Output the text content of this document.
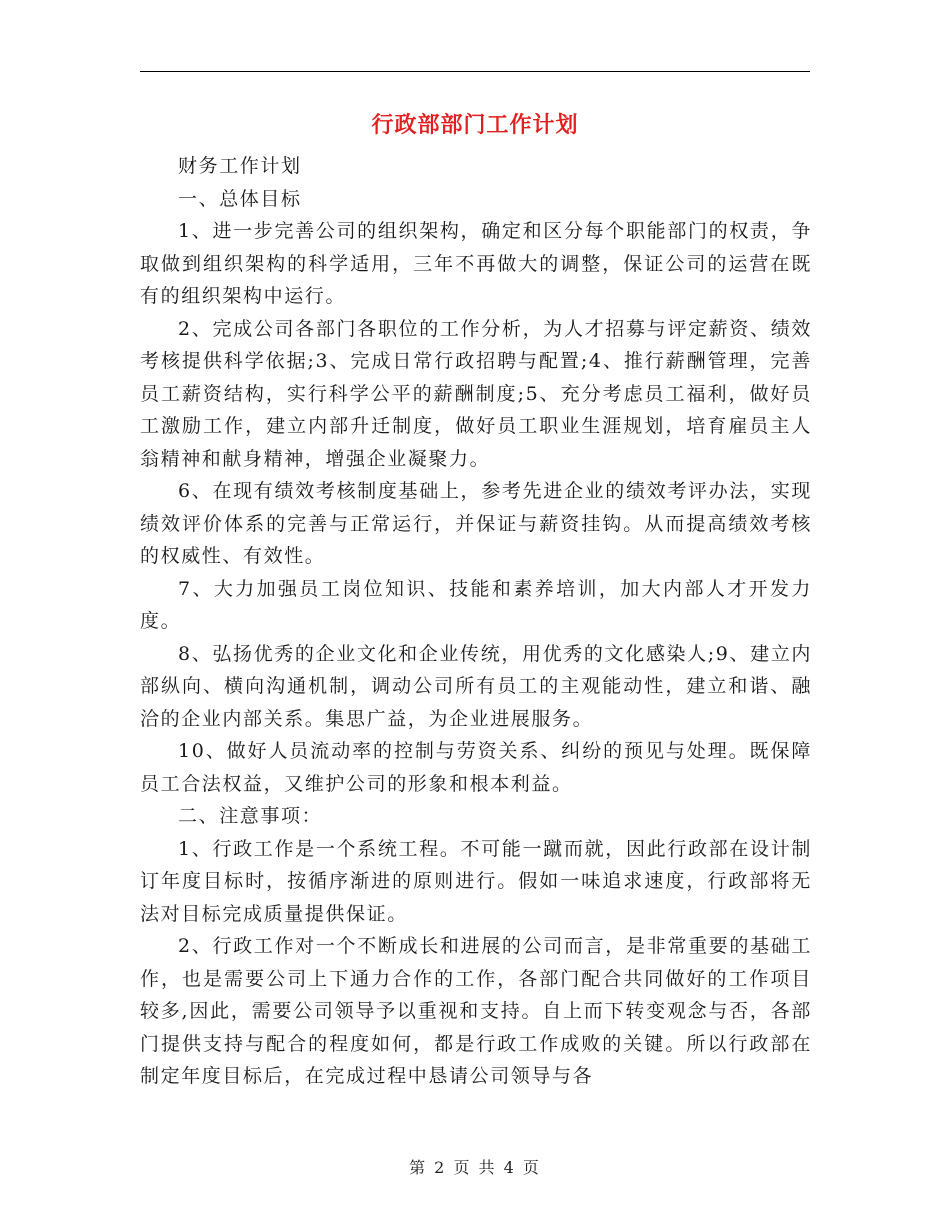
行政部部门工作计划

财务工作计划

一、总体目标

1、进一步完善公司的组织架构，确定和区分每个职能部门的权责，争取做到组织架构的科学适用，三年不再做大的调整，保证公司的运营在既有的组织架构中运行。

2、完成公司各部门各职位的工作分析，为人才招募与评定薪资、绩效考核提供科学依据;3、完成日常行政招聘与配置;4、推行薪酬管理，完善员工薪资结构，实行科学公平的薪酬制度;5、充分考虑员工福利，做好员工激励工作，建立内部升迁制度，做好员工职业生涯规划，培育雇员主人翁精神和献身精神，增强企业凝聚力。

6、在现有绩效考核制度基础上，参考先进企业的绩效考评办法，实现绩效评价体系的完善与正常运行，并保证与薪资挂钩。从而提高绩效考核的权威性、有效性。

7、大力加强员工岗位知识、技能和素养培训，加大内部人才开发力度。

8、弘扬优秀的企业文化和企业传统，用优秀的文化感染人;9、建立内部纵向、横向沟通机制，调动公司所有员工的主观能动性，建立和谐、融洽的企业内部关系。集思广益，为企业进展服务。

10、做好人员流动率的控制与劳资关系、纠纷的预见与处理。既保障员工合法权益，又维护公司的形象和根本利益。

二、注意事项：

1、行政工作是一个系统工程。不可能一蹴而就，因此行政部在设计制订年度目标时，按循序渐进的原则进行。假如一味追求速度，行政部将无法对目标完成质量提供保证。

2、行政工作对一个不断成长和进展的公司而言，是非常重要的基础工作，也是需要公司上下通力合作的工作，各部门配合共同做好的工作项目较多,因此，需要公司领导予以重视和支持。自上而下转变观念与否，各部门提供支持与配合的程度如何，都是行政工作成败的关键。所以行政部在制定年度目标后，在完成过程中恳请公司领导与各

第 2 页 共 4 页
